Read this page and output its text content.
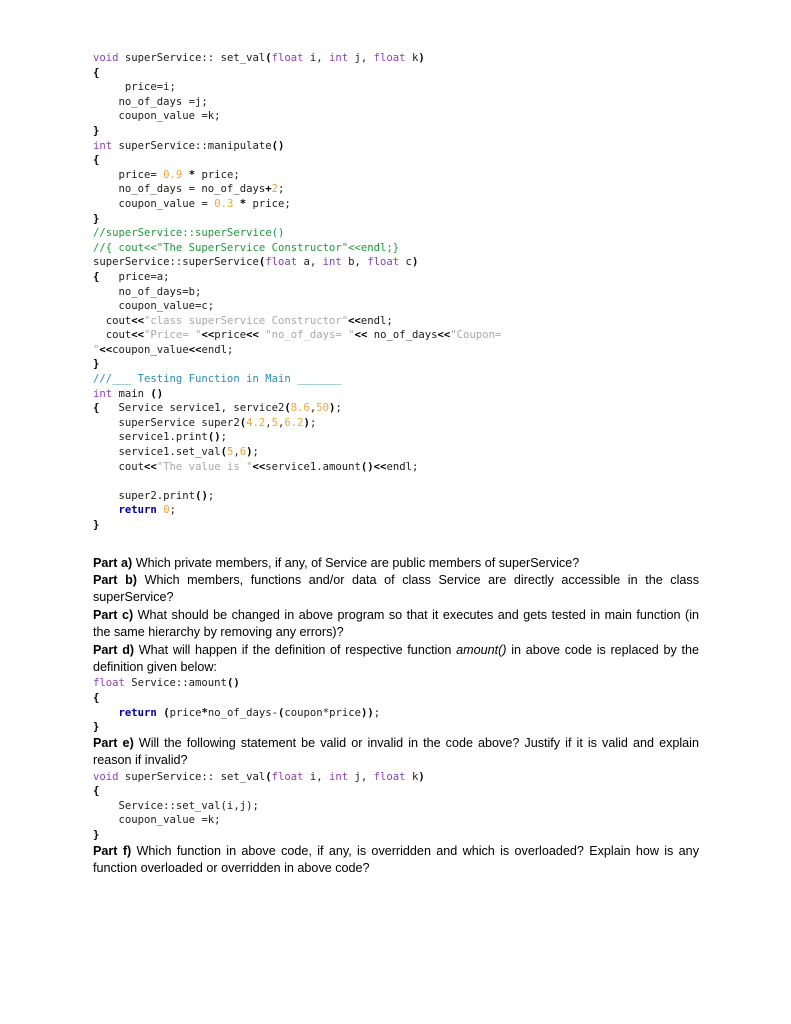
void superService:: set_val(float i, int j, float k)
{
price=i;
no_of_days =j;
coupon_value =k;
}
int superService::manipulate()
{
price= 0.9 * price;
no_of_days = no_of_days+2;
coupon_value = 0.3 * price;
}
//superService::superService()
//{ cout<<"The SuperService Constructor"<<endl;}
superService::superService(float a, int b, float c)
{   price=a;
no_of_days=b;
coupon_value=c;
cout<<"class superService Constructor"<<endl;
cout<<"Price= "<<price<< "no_of_days= "<< no_of_days<<"Coupon=
"<<coupon_value<<endl;
}
///___ Testing Function in Main _______
int main ()
{   Service service1, service2(8.6,50);
superService super2(4.2,5,6.2);
service1.print();
service1.set_val(5,6);
cout<<"The value is "<<service1.amount()<<endl;

super2.print();
return 0;
}

Part a) Which private members, if any, of Service are public members of superService?

Part b) Which members, functions and/or data of class Service are directly accessible in the class superService?

Part c) What should be changed in above program so that it executes and gets tested in main function (in the same hierarchy by removing any errors)?

Part d) What will happen if the definition of respective function amount() in above code is replaced by the definition given below:

float Service::amount()
{
return (price*no_of_days-(coupon*price));
}

Part e) Will the following statement be valid or invalid in the code above? Justify if it is valid and explain reason if invalid?

void superService:: set_val(float i, int j, float k)
{
Service::set_val(i,j);
coupon_value =k;
}

Part f) Which function in above code, if any, is overridden and which is overloaded? Explain how is any function overloaded or overridden in above code?
